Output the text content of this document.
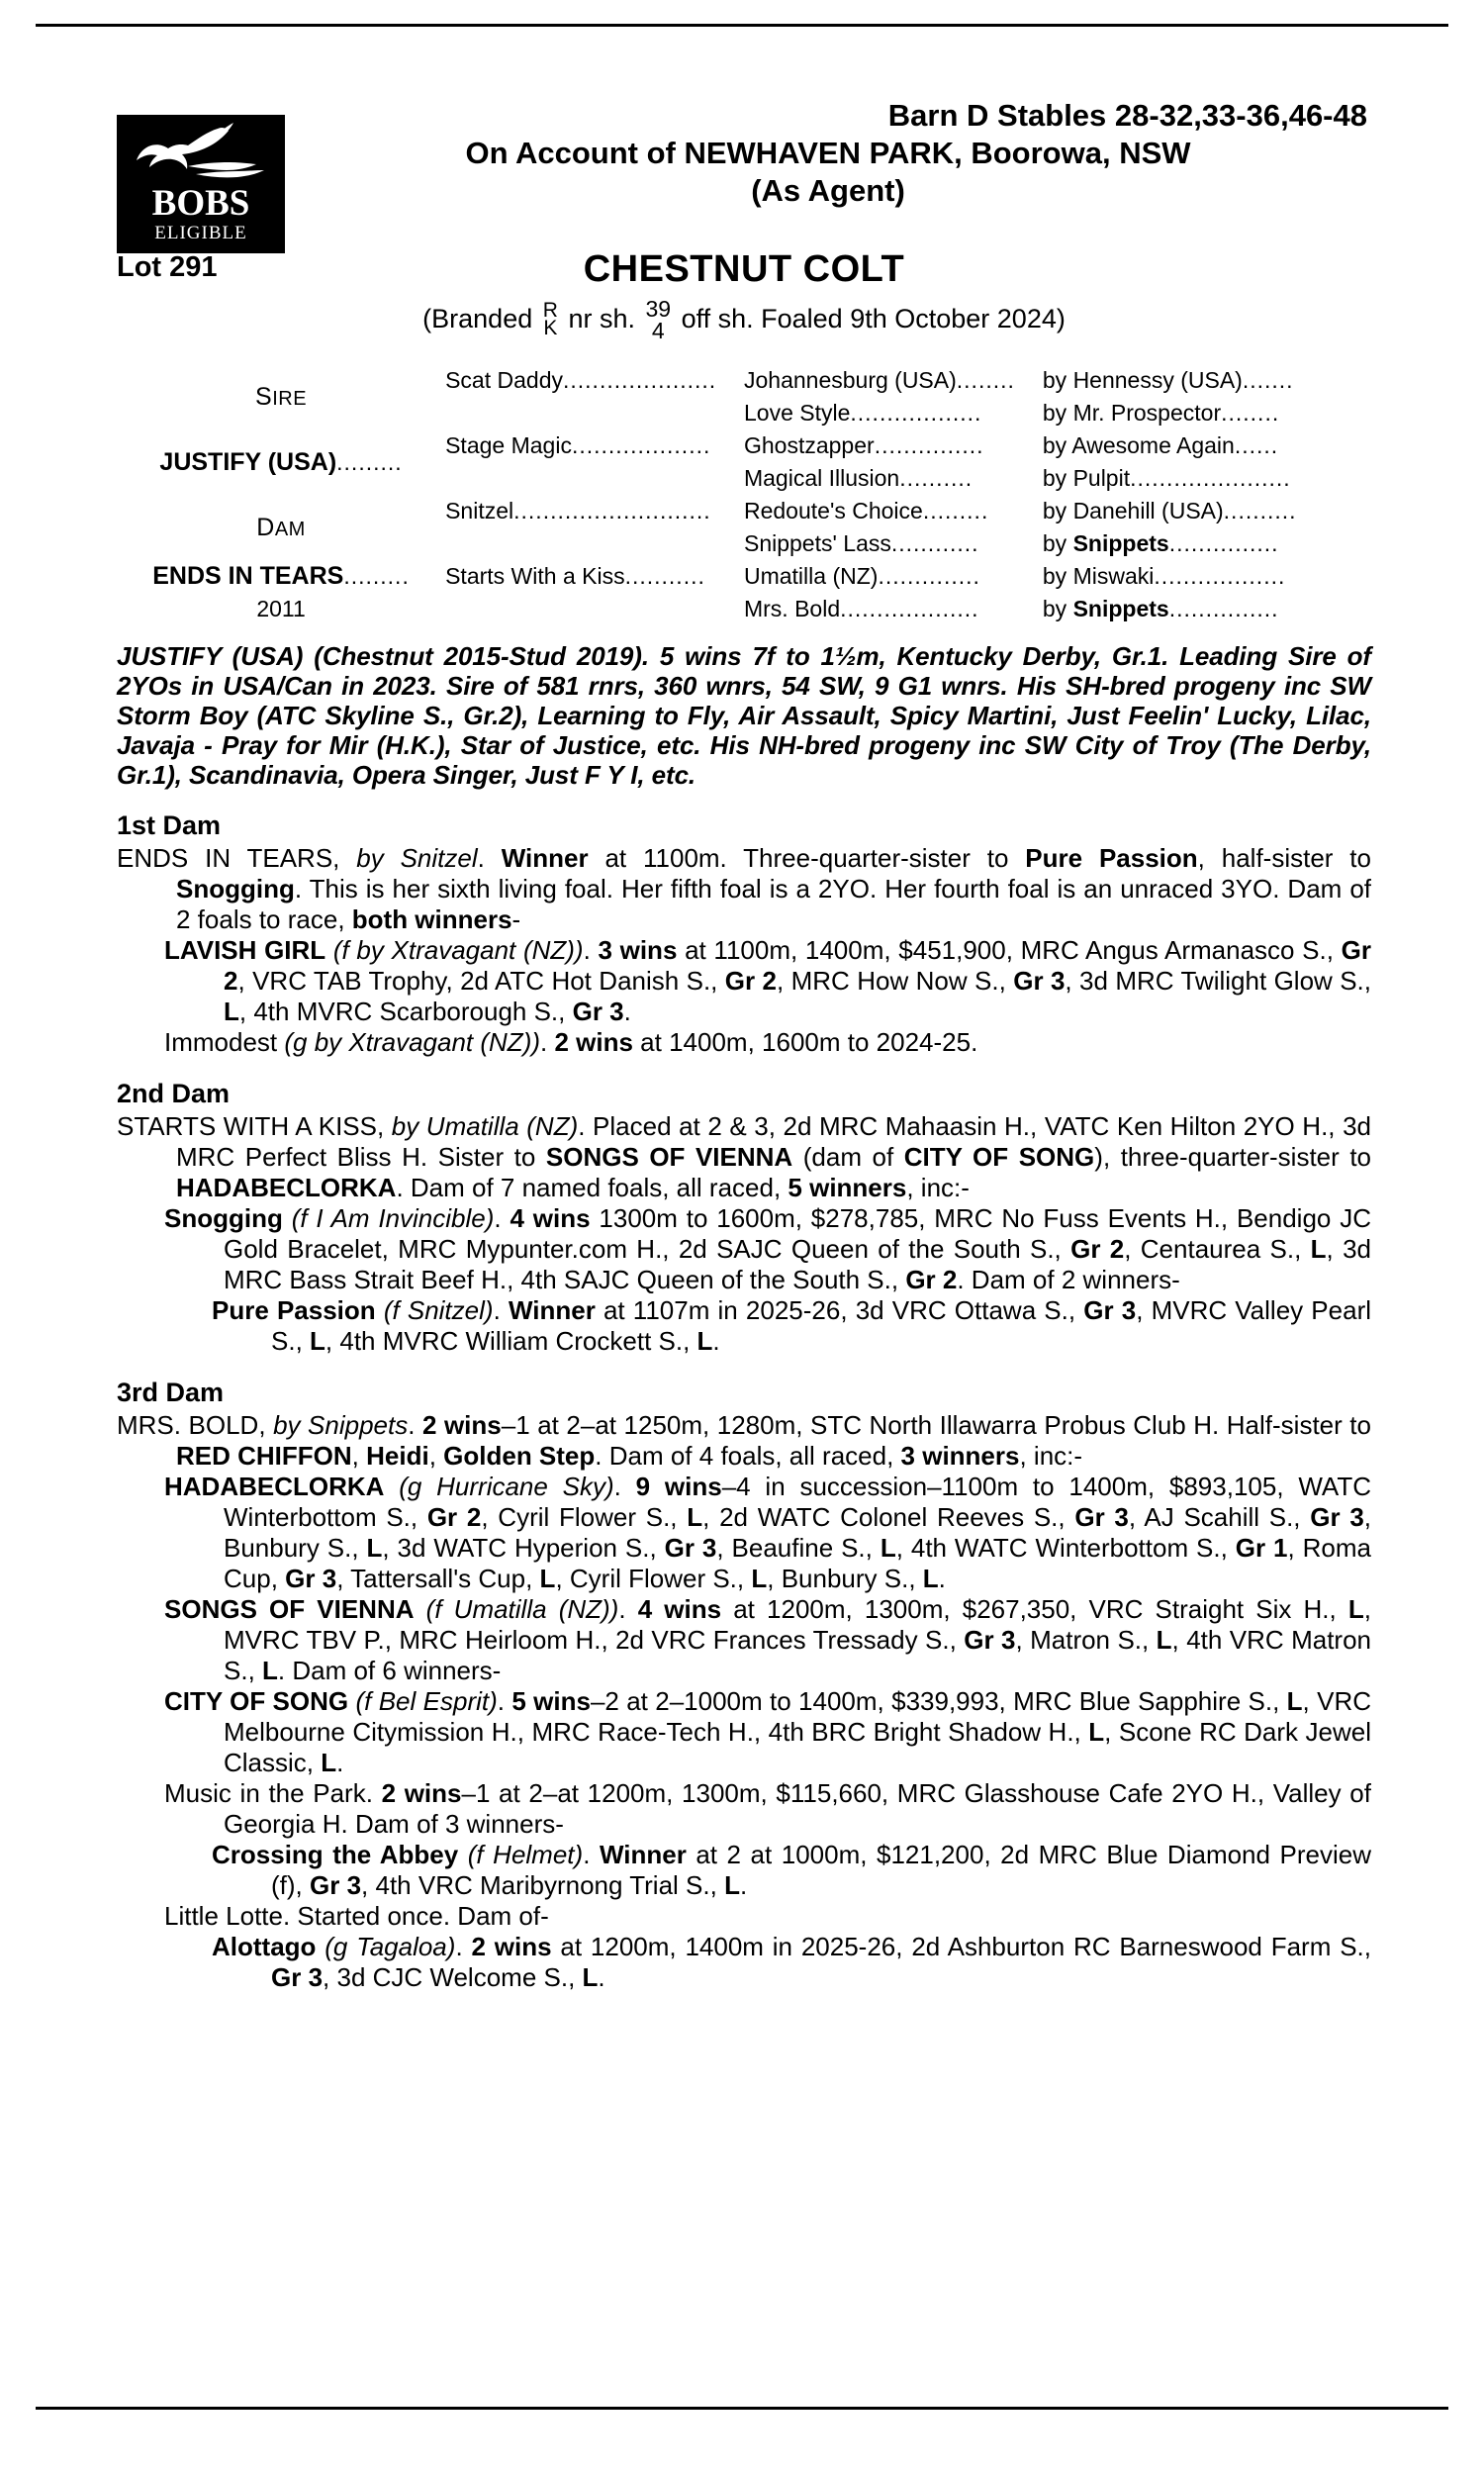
BOBS
ELIGIBLE
Barn D Stables 28-32,33-36,46-48
On Account of NEWHAVEN PARK, Boorowa, NSW
(As Agent)
Lot 291	CHESTNUT COLT
(Branded R
K nr sh. 39
4 off sh. Foaled 9th October 2024)
SIRE	Scat Daddy.....................	Johannesburg (USA)........	by Hennessy (USA).......
		Love Style..................	by Mr. Prospector........
JUSTIFY (USA).........	Stage Magic...................	Ghostzapper...............	by Awesome Again......
		Magical Illusion..........	by Pulpit......................

DAM	Snitzel...........................	Redoute's Choice.........	by Danehill (USA)..........
		Snippets' Lass............	by Snippets...............
ENDS IN TEARS.........	Starts With a Kiss...........	Umatilla (NZ)..............	by Miswaki..................
2011		Mrs. Bold...................	by Snippets...............
JUSTIFY (USA) (Chestnut 2015-Stud 2019). 5 wins 7f to 1½m, Kentucky Derby, Gr.1. Leading Sire of 2YOs in USA/Can in 2023. Sire of 581 rnrs, 360 wnrs, 54 SW, 9 G1 wnrs. His SH-bred progeny inc SW Storm Boy (ATC Skyline S., Gr.2), Learning to Fly, Air Assault, Spicy Martini, Just Feelin' Lucky, Lilac, Javaja - Pray for Mir (H.K.), Star of Justice, etc. His NH-bred progeny inc SW City of Troy (The Derby, Gr.1), Scandinavia, Opera Singer, Just F Y I, etc.
1st Dam
ENDS IN TEARS, by Snitzel. Winner at 1100m. Three-quarter-sister to Pure Passion, half-sister to Snogging. This is her sixth living foal. Her fifth foal is a 2YO. Her fourth foal is an unraced 3YO. Dam of 2 foals to race, both winners-
LAVISH GIRL (f by Xtravagant (NZ)). 3 wins at 1100m, 1400m, $451,900, MRC Angus Armanasco S., Gr 2, VRC TAB Trophy, 2d ATC Hot Danish S., Gr 2, MRC How Now S., Gr 3, 3d MRC Twilight Glow S., L, 4th MVRC Scarborough S., Gr 3.
Immodest (g by Xtravagant (NZ)). 2 wins at 1400m, 1600m to 2024-25.
2nd Dam
STARTS WITH A KISS, by Umatilla (NZ). Placed at 2 & 3, 2d MRC Mahaasin H., VATC Ken Hilton 2YO H., 3d MRC Perfect Bliss H. Sister to SONGS OF VIENNA (dam of CITY OF SONG), three-quarter-sister to HADABECLORKA. Dam of 7 named foals, all raced, 5 winners, inc:-
Snogging (f I Am Invincible). 4 wins 1300m to 1600m, $278,785, MRC No Fuss Events H., Bendigo JC Gold Bracelet, MRC Mypunter.com H., 2d SAJC Queen of the South S., Gr 2, Centaurea S., L, 3d MRC Bass Strait Beef H., 4th SAJC Queen of the South S., Gr 2. Dam of 2 winners-
Pure Passion (f Snitzel). Winner at 1107m in 2025-26, 3d VRC Ottawa S., Gr 3, MVRC Valley Pearl S., L, 4th MVRC William Crockett S., L.
3rd Dam
MRS. BOLD, by Snippets. 2 wins–1 at 2–at 1250m, 1280m, STC North Illawarra Probus Club H. Half-sister to RED CHIFFON, Heidi, Golden Step. Dam of 4 foals, all raced, 3 winners, inc:-
HADABECLORKA (g Hurricane Sky). 9 wins–4 in succession–1100m to 1400m, $893,105, WATC Winterbottom S., Gr 2, Cyril Flower S., L, 2d WATC Colonel Reeves S., Gr 3, AJ Scahill S., Gr 3, Bunbury S., L, 3d WATC Hyperion S., Gr 3, Beaufine S., L, 4th WATC Winterbottom S., Gr 1, Roma Cup, Gr 3, Tattersall's Cup, L, Cyril Flower S., L, Bunbury S., L.
SONGS OF VIENNA (f Umatilla (NZ)). 4 wins at 1200m, 1300m, $267,350, VRC Straight Six H., L, MVRC TBV P., MRC Heirloom H., 2d VRC Frances Tressady S., Gr 3, Matron S., L, 4th VRC Matron S., L. Dam of 6 winners-
CITY OF SONG (f Bel Esprit). 5 wins–2 at 2–1000m to 1400m, $339,993, MRC Blue Sapphire S., L, VRC Melbourne Citymission H., MRC Race-Tech H., 4th BRC Bright Shadow H., L, Scone RC Dark Jewel Classic, L.
Music in the Park. 2 wins–1 at 2–at 1200m, 1300m, $115,660, MRC Glasshouse Cafe 2YO H., Valley of Georgia H. Dam of 3 winners-
Crossing the Abbey (f Helmet). Winner at 2 at 1000m, $121,200, 2d MRC Blue Diamond Preview (f), Gr 3, 4th VRC Maribyrnong Trial S., L.
Little Lotte. Started once. Dam of-
Alottago (g Tagaloa). 2 wins at 1200m, 1400m in 2025-26, 2d Ashburton RC Barneswood Farm S., Gr 3, 3d CJC Welcome S., L.
